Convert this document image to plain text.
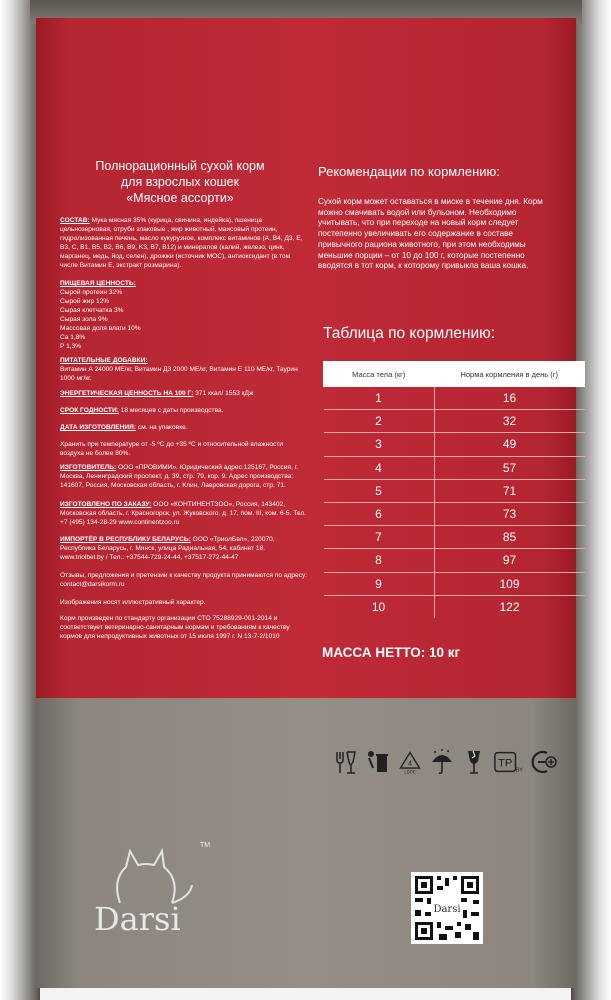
Полнорационный сухой корм
для взрослых кошек
«Мясное ассорти»
СОСТАВ: Мука мясная 35% (курица, свинина, индейка), пшеница цельнозерновая, отруби злаковые , жир животный, маисовый протеин, гидролизованная печень, масло кукурузное, комплекс витаминов (A, B4, Д3, E, B3, C, B1, B5, B2, B6, B9, K3, B7, B12) и минералов (калий, железо, цинк, марганец, медь, йод, селен), дрожжи (источник MOC), антиоксидант (в том числе Витамин E, экстракт розмарина).
ПИЩЕВАЯ ЦЕННОСТЬ:
Сырой протеин 32%
Сырой жир 12%
Сырая клетчатка 3%
Сырая зола 9%
Массовая доля влаги 10%
Ca 1,8%
P 1,3%
ПИТАТЕЛЬНЫЕ ДОБАВКИ:
Витамин А 24000 МЕ/кг, Витамин Д3 2000 МЕ/кг, Витамин Е 110 МЕ/кг, Таурин 1000 мг/кг.
ЭНЕРГЕТИЧЕСКАЯ ЦЕННОСТЬ НА 100 Г: 371 ккал/ 1553 кДж
СРОК ГОДНОСТИ: 18 месяцев с даты производства.
ДАТА ИЗГОТОВЛЕНИЯ: см. на упаковке.
Хранить при температуре от -5 ºС до +35 ºС и относительной влажности воздуха не более 80%.
ИЗГОТОВИТЕЛЬ: ООО «ПРОВИМИ». Юридический адрес:125167, Россия, г. Москва, Ленинградский проспект, д. 39, стр. 79, кор. 9. Адрес производства: 141607, Россия, Московская область, г. Клин, Лавровская дорога, стр. 71.
ИЗГОТОВЛЕНО ПО ЗАКАЗУ: ООО «КОНТИНЕНТЗОО», Россия, 143402, Московская область, г. Красногорск, ул. Жуковского, д. 17, пом. III, ком. 6-5. Тел. +7 (495) 134-28-29 www.continentzoo.ru
ИМПОРТЁР В РЕСПУБЛИКУ БЕЛАРУСЬ: ООО «ТриолБел», 220070, Республика Беларусь, г. Минск, улица Радиальная, 54, кабинет 18. www.triolbel.by / Тел.: +37544-729-24-44, +37517-272-44-47
Отзывы, предложения и претензии к качеству продукта принимаются по адресу: contact@darsikorm.ru
Изображения носят иллюстративный характер.
Корм произведен по стандарту организации СТО 75288929-001-2014 и соответствует ветеринарно-санитарным нормам и требованиям к качеству кормов для непродуктивных животных от 15 июля 1997 г. N 13-7-2/1010
Рекомендации по кормлению:
Сухой корм может оставаться в миске в течение дня. Корм можно смачивать водой или бульоном. Необходимо учитывать, что при переходе на новый корм следует постепенно увеличивать его содержание в составе привычного рациона животного, при этом необходимы меньшие порции – от 10 до 100 г, которые постепенно вводятся в тот корм, к которому привыкла ваша кошка.
Таблица по кормлению:
Масса тела (кг)	Норма кормления в день (г)
1	16
2	32
3	49
4	57
5	71
6	73
7	85
8	97
9	109
10	122
МАССА НЕТТО: 10 кг
4
LDPE
TP
BY
TM
Darsi	Darsi
